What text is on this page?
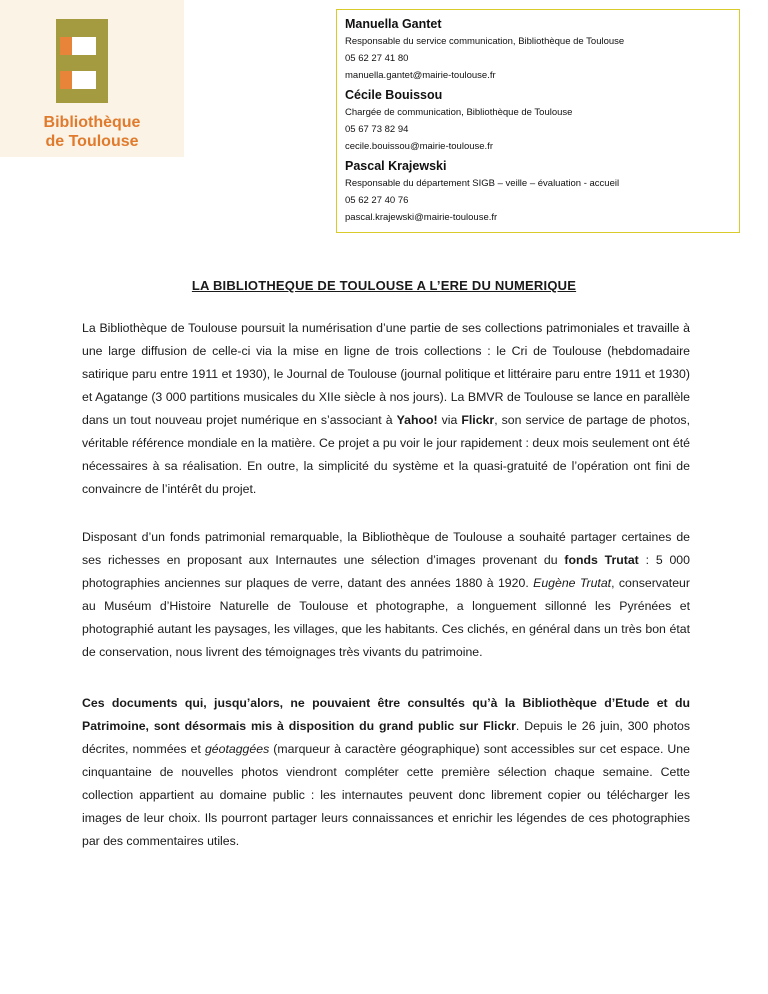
Bibliothèque
de Toulouse
Manuella Gantet
Responsable du service communication, Bibliothèque de Toulouse
05 62 27 41 80
manuella.gantet@mairie-toulouse.fr
Cécile Bouissou
Chargée de communication, Bibliothèque de Toulouse
05 67 73 82 94
cecile.bouissou@mairie-toulouse.fr
Pascal Krajewski
Responsable du département SIGB – veille – évaluation - accueil
05 62 27 40 76
pascal.krajewski@mairie-toulouse.fr
LA BIBLIOTHEQUE DE TOULOUSE A L’ERE DU NUMERIQUE
La Bibliothèque de Toulouse poursuit la numérisation d’une partie de ses collections patrimoniales et travaille à une large diffusion de celle-ci via la mise en ligne de trois collections : le Cri de Toulouse (hebdomadaire satirique paru entre 1911 et 1930), le Journal de Toulouse (journal politique et littéraire paru entre 1911 et 1930) et Agatange (3 000 partitions musicales du XIIe siècle à nos jours). La BMVR de Toulouse se lance en parallèle dans un tout nouveau projet numérique en s’associant à Yahoo! via Flickr, son service de partage de photos, véritable référence mondiale en la matière. Ce projet a pu voir le jour rapidement : deux mois seulement ont été nécessaires à sa réalisation. En outre, la simplicité du système et la quasi-gratuité de l’opération ont fini de convaincre de l’intérêt du projet.
Disposant d’un fonds patrimonial remarquable, la Bibliothèque de Toulouse a souhaité partager certaines de ses richesses en proposant aux Internautes une sélection d’images provenant du fonds Trutat : 5 000 photographies anciennes sur plaques de verre, datant des années 1880 à 1920. Eugène Trutat, conservateur au Muséum d’Histoire Naturelle de Toulouse et photographe, a longuement sillonné les Pyrénées et photographié autant les paysages, les villages, que les habitants. Ces clichés, en général dans un très bon état de conservation, nous livrent des témoignages très vivants du patrimoine.
Ces documents qui, jusqu’alors, ne pouvaient être consultés qu’à la Bibliothèque d’Etude et du Patrimoine, sont désormais mis à disposition du grand public sur Flickr. Depuis le 26 juin, 300 photos décrites, nommées et géotaggées (marqueur à caractère géographique) sont accessibles sur cet espace. Une cinquantaine de nouvelles photos viendront compléter cette première sélection chaque semaine. Cette collection appartient au domaine public : les internautes peuvent donc librement copier ou télécharger les images de leur choix. Ils pourront partager leurs connaissances et enrichir les légendes de ces photographies par des commentaires utiles.
